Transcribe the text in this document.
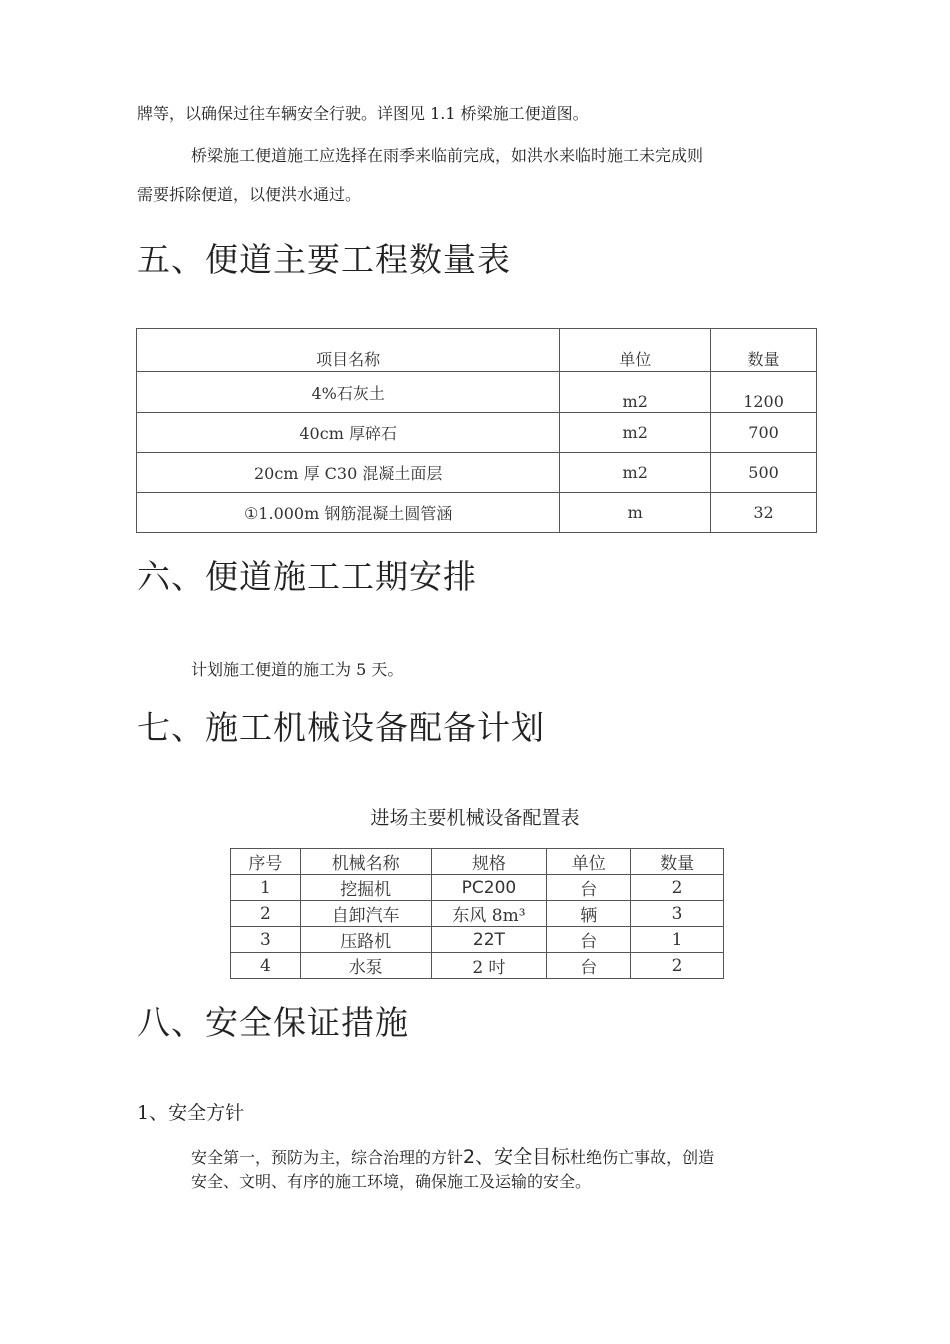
牌等，以确保过往车辆安全行驶。详图见 1.1 桥梁施工便道图。
桥梁施工便道施工应选择在雨季来临前完成，如洪水来临时施工未完成则
需要拆除便道，以便洪水通过。
五、便道主要工程数量表
项目名称	单位	数量
4%石灰土	m2	1200
40cm 厚碎石	m2	700
20cm 厚 C30 混凝土面层	m2	500
①1.000m 钢筋混凝土圆管涵	m	32
六、便道施工工期安排
计划施工便道的施工为 5 天。
七、施工机械设备配备计划
进场主要机械设备配置表
序号	机械名称	规格	单位	数量
1	挖掘机	PC200	台	2
2	自卸汽车	东风 8m³	辆	3
3	压路机	22T	台	1
4	水泵	2 吋	台	2
八、安全保证措施
1、安全方针
安全第一，预防为主，综合治理的方针2、安全目标杜绝伤亡事故，创造
安全、文明、有序的施工环境，确保施工及运输的安全。
